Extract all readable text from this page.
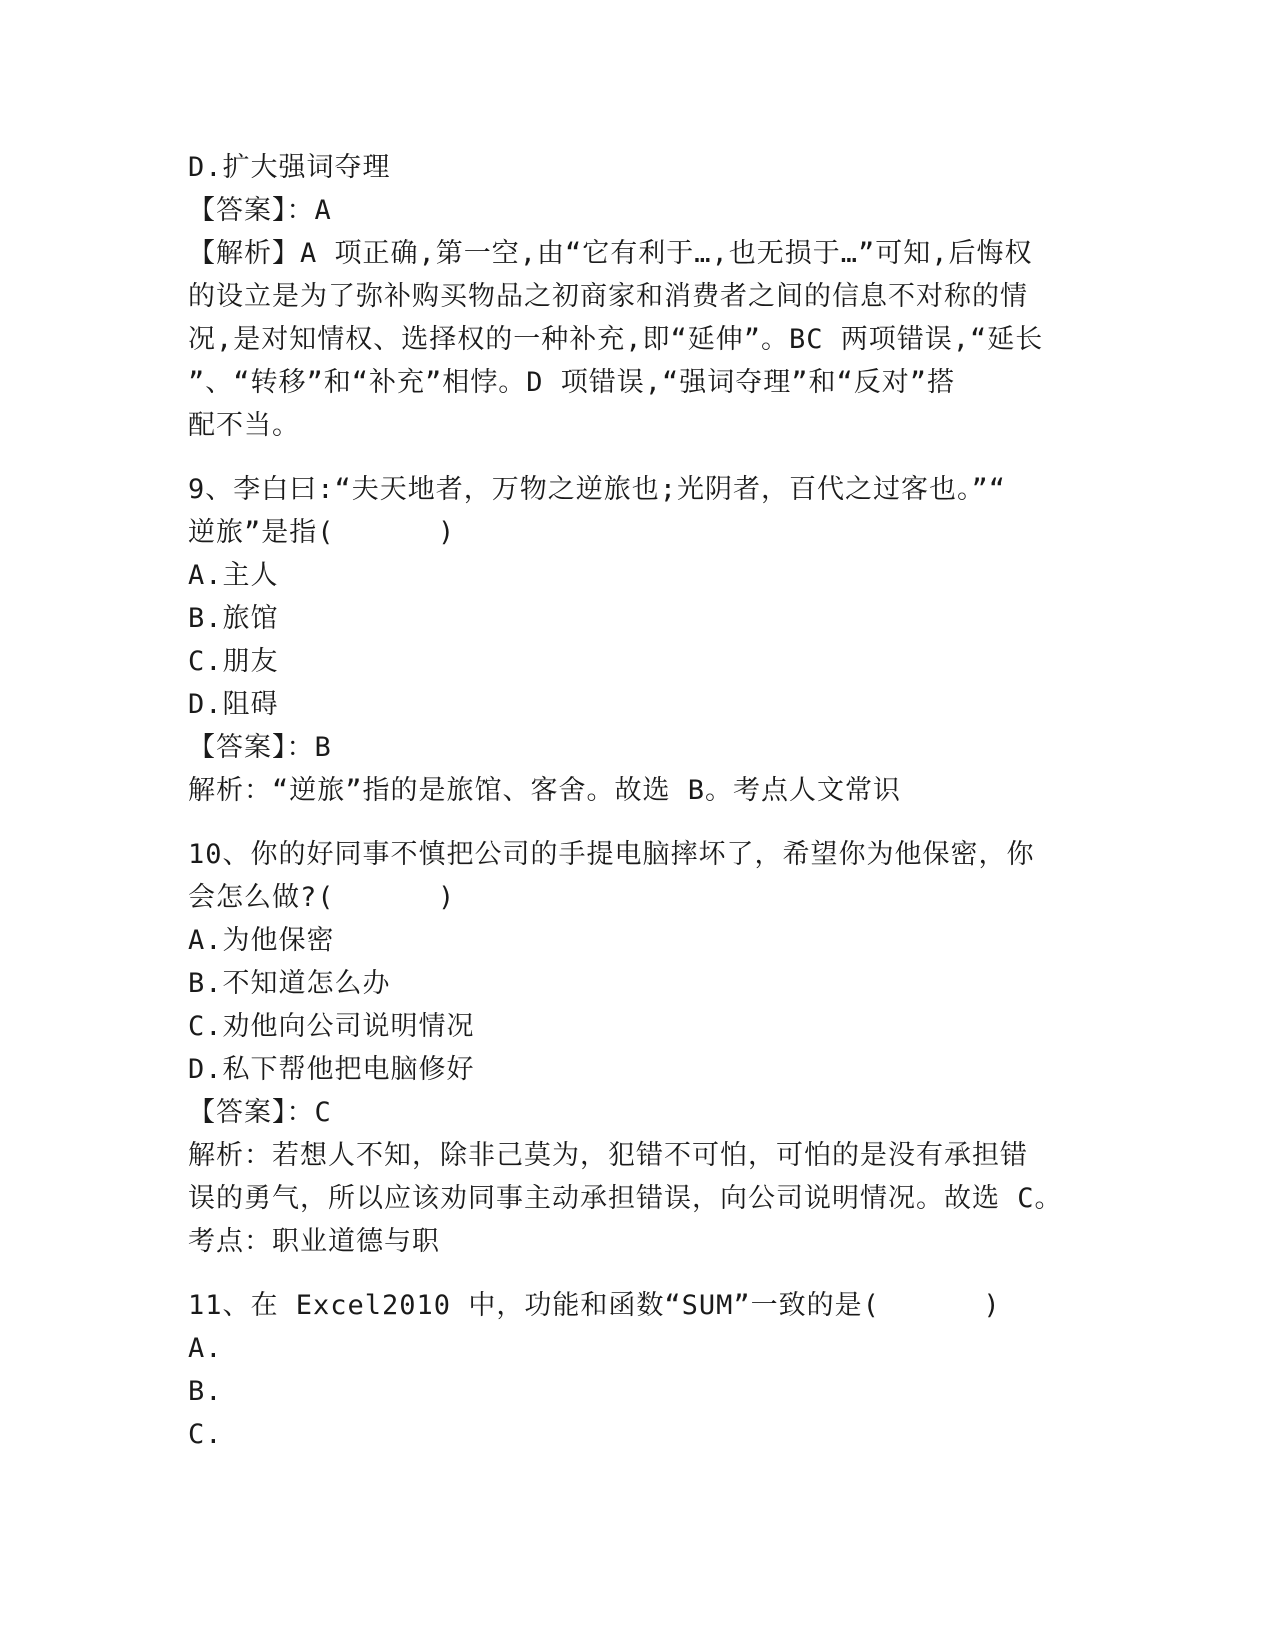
D.扩大强词夺理
【答案】：A
【解析】A 项正确,第一空,由“它有利于…,也无损于…”可知,后悔权
的设立是为了弥补购买物品之初商家和消费者之间的信息不对称的情
况,是对知情权、选择权的一种补充,即“延伸”。BC 两项错误,“延长
”、“转移”和“补充”相悖。D 项错误,“强词夺理”和“反对”搭
配不当。
9、李白曰:“夫天地者，万物之逆旅也;光阴者，百代之过客也。”“
逆旅”是指(      )
A.主人
B.旅馆
C.朋友
D.阻碍
【答案】：B
解析：“逆旅”指的是旅馆、客舍。故选 B。考点人文常识
10、你的好同事不慎把公司的手提电脑摔坏了，希望你为他保密，你
会怎么做?(      )
A.为他保密
B.不知道怎么办
C.劝他向公司说明情况
D.私下帮他把电脑修好
【答案】：C
解析：若想人不知，除非己莫为，犯错不可怕，可怕的是没有承担错
误的勇气，所以应该劝同事主动承担错误，向公司说明情况。故选 C。
考点：职业道德与职
11、在 Excel2010 中，功能和函数“SUM”一致的是(      )
A.
B.
C.
